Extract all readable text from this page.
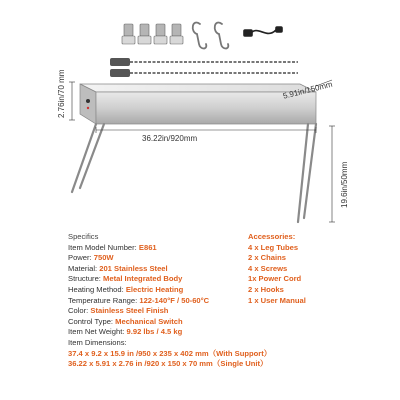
2.76in/70 mm	5.91in/150mm
36.22in/920mm
19.6in/50mm
Specifics
Item Model Number: E861
Power: 750W
Material: 201 Stainless Steel
Structure: Metal Integrated Body
Heating Method: Electric Heating
Temperature Range: 122-140°F / 50-60°C
Color: Stainless Steel Finish
Control Type: Mechanical Switch
Item Net Weight: 9.92 lbs / 4.5 kg
Accessories:
4 x Leg Tubes
2 x Chains
4 x Screws
1x Power Cord
2 x Hooks
1 x User Manual
Item Dimensions:
37.4 x 9.2 x 15.9 in /950 x 235 x 402 mm（With Support）
36.22 x 5.91 x 2.76 in /920 x 150 x 70 mm（Single Unit）
